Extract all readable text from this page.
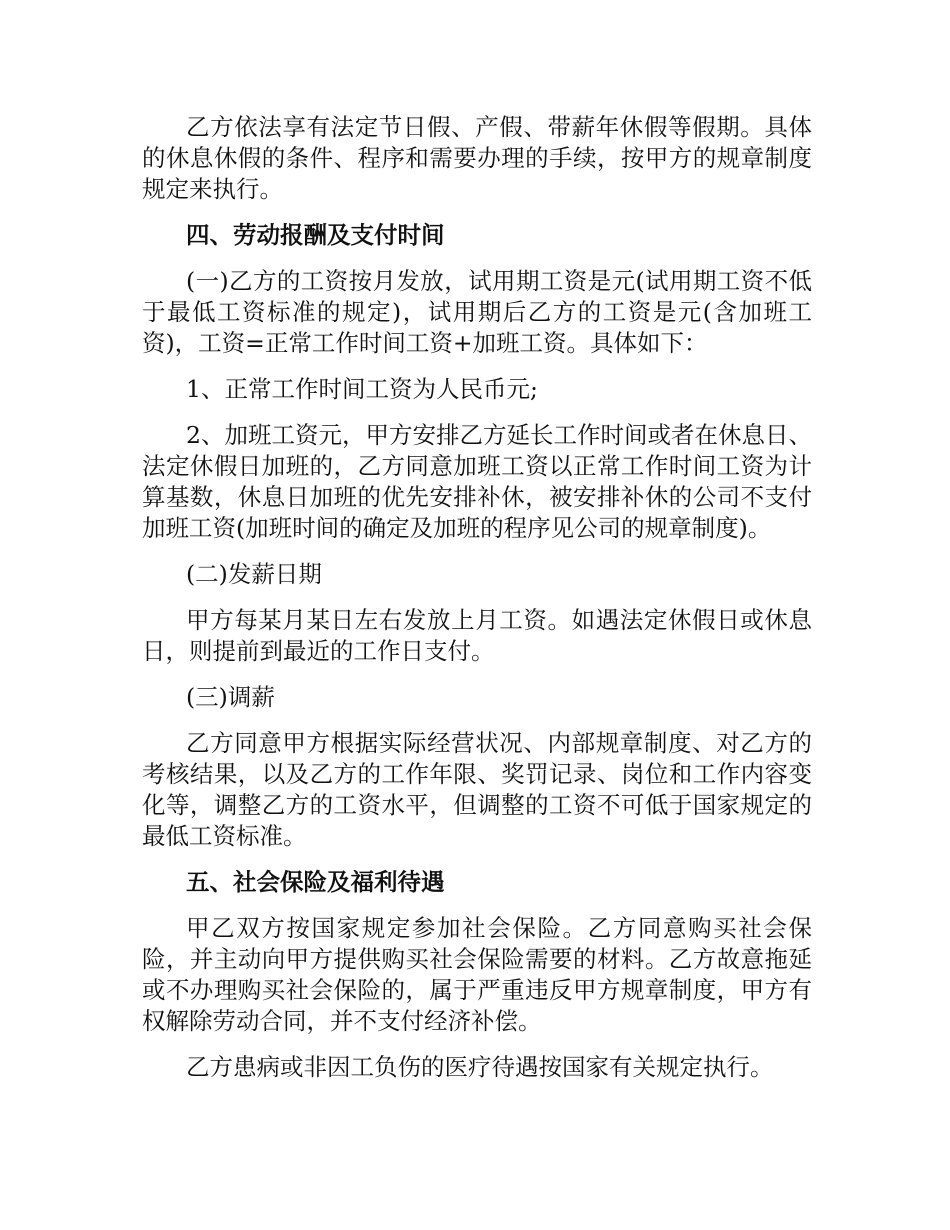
乙方依法享有法定节日假、产假、带薪年休假等假期。具体的休息休假的条件、程序和需要办理的手续，按甲方的规章制度规定来执行。

四、劳动报酬及支付时间

(一)乙方的工资按月发放，试用期工资是元(试用期工资不低于最低工资标准的规定)，试用期后乙方的工资是元(含加班工资)，工资=正常工作时间工资+加班工资。具体如下：

1、正常工作时间工资为人民币元;

2、加班工资元，甲方安排乙方延长工作时间或者在休息日、法定休假日加班的，乙方同意加班工资以正常工作时间工资为计算基数，休息日加班的优先安排补休，被安排补休的公司不支付加班工资(加班时间的确定及加班的程序见公司的规章制度)。

(二)发薪日期

甲方每某月某日左右发放上月工资。如遇法定休假日或休息日，则提前到最近的工作日支付。

(三)调薪

乙方同意甲方根据实际经营状况、内部规章制度、对乙方的考核结果，以及乙方的工作年限、奖罚记录、岗位和工作内容变化等，调整乙方的工资水平，但调整的工资不可低于国家规定的最低工资标准。

五、社会保险及福利待遇

甲乙双方按国家规定参加社会保险。乙方同意购买社会保险，并主动向甲方提供购买社会保险需要的材料。乙方故意拖延或不办理购买社会保险的，属于严重违反甲方规章制度，甲方有权解除劳动合同，并不支付经济补偿。

乙方患病或非因工负伤的医疗待遇按国家有关规定执行。
